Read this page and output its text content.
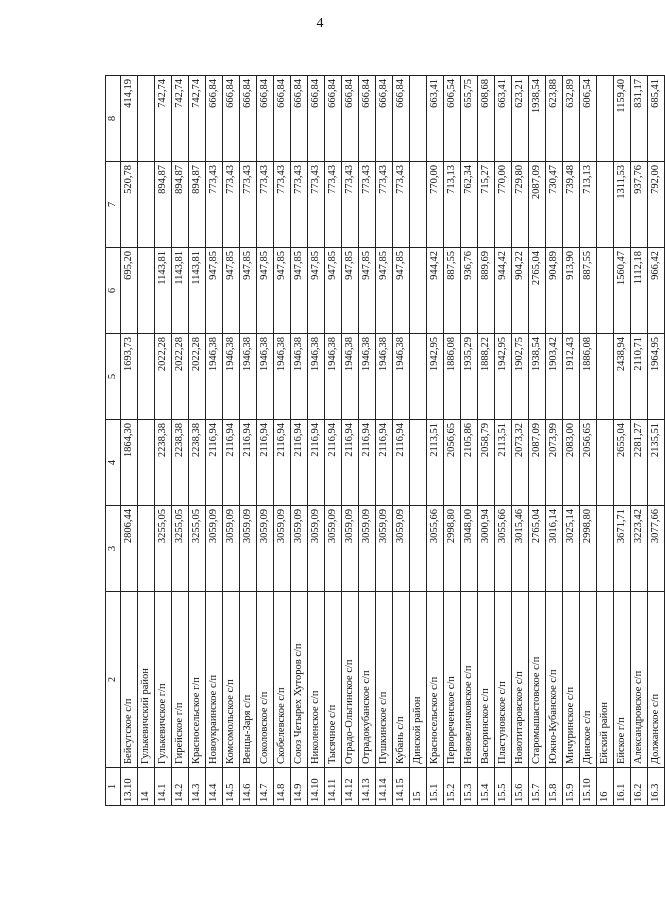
4
1	2	3	4	5	6	7	8
13.10	Бейсугское с/п	2806,44	1864,30	1693,73	695,20	520,78	414,19
14	Гулькевичский район						
14.1	Гулькевичское г/п	3255,05	2238,38	2022,28	1143,81	894,87	742,74
14.2	Гирейское г/п	3255,05	2238,38	2022,28	1143,81	894,87	742,74
14.3	Красносельское г/п	3255,05	2238,38	2022,28	1143,81	894,87	742,74
14.4	Новоукраинское с/п	3059,09	2116,94	1946,38	947,85	773,43	666,84
14.5	Комсомольское с/п	3059,09	2116,94	1946,38	947,85	773,43	666,84
14.6	Венцы-Заря с/п	3059,09	2116,94	1946,38	947,85	773,43	666,84
14.7	Соколовское с/п	3059,09	2116,94	1946,38	947,85	773,43	666,84
14.8	Скобелевское с/п	3059,09	2116,94	1946,38	947,85	773,43	666,84
14.9	Союз Четырех Хуторов с/п	3059,09	2116,94	1946,38	947,85	773,43	666,84
14.10	Николенское с/п	3059,09	2116,94	1946,38	947,85	773,43	666,84
14.11	Тысячное с/п	3059,09	2116,94	1946,38	947,85	773,43	666,84
14.12	Отрадо-Ольгинское с/п	3059,09	2116,94	1946,38	947,85	773,43	666,84
14.13	Отрадокубанское с/п	3059,09	2116,94	1946,38	947,85	773,43	666,84
14.14	Пушкинское с/п	3059,09	2116,94	1946,38	947,85	773,43	666,84
14.15	Кубань с/п	3059,09	2116,94	1946,38	947,85	773,43	666,84
15	Динской район						
15.1	Красносельское с/п	3055,66	2113,51	1942,95	944,42	770,00	663,41
15.2	Первореченское с/п	2998,80	2056,65	1886,08	887,55	713,13	606,54
15.3	Нововеличковское с/п	3048,00	2105,86	1935,29	936,76	762,34	655,75
15.4	Васюринское с/п	3000,94	2058,79	1888,22	889,69	715,27	608,68
15.5	Пластуновское с/п	3055,66	2113,51	1942,95	944,42	770,00	663,41
15.6	Новотитаровское с/п	3015,46	2073,32	1902,75	904,22	729,80	623,21
15.7	Старомышастовское с/п	2765,04	2087,09	1938,54	2765,04	2087,09	1938,54
15.8	Южно-Кубанское с/п	3016,14	2073,99	1903,42	904,89	730,47	623,88
15.9	Мичуринское с/п	3025,14	2083,00	1912,43	913,90	739,48	632,89
15.10	Динское с/п	2998,80	2056,65	1886,08	887,55	713,13	606,54
16	Ейский район						
16.1	Ейское г/п	3671,71	2655,04	2438,94	1560,47	1311,53	1159,40
16.2	Александровское с/п	3223,42	2281,27	2110,71	1112,18	937,76	831,17
16.3	Должанское с/п	3077,66	2135,51	1964,95	966,42	792,00	685,41
